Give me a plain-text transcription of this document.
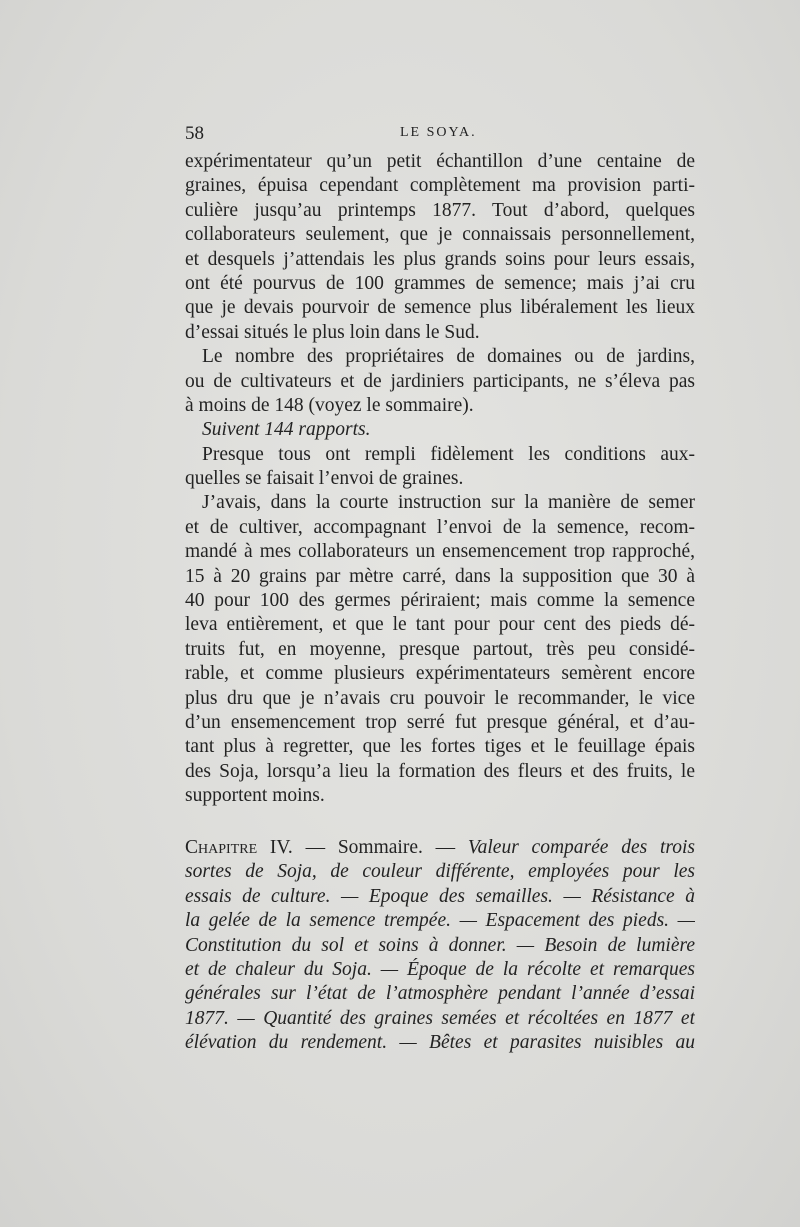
58	LE SOYA.
expérimentateur qu’un petit échantillon d’une centaine de
graines, épuisa cependant complètement ma provision parti-
culière jusqu’au printemps 1877. Tout d’abord, quelques
collaborateurs seulement, que je connaissais personnellement,
et desquels j’attendais les plus grands soins pour leurs essais,
ont été pourvus de 100 grammes de semence; mais j’ai cru
que je devais pourvoir de semence plus libéralement les lieux
d’essai situés le plus loin dans le Sud.
Le nombre des propriétaires de domaines ou de jardins,
ou de cultivateurs et de jardiniers participants, ne s’éleva pas
à moins de 148 (voyez le sommaire).
Suivent 144 rapports.
Presque tous ont rempli fidèlement les conditions aux-
quelles se faisait l’envoi de graines.
J’avais, dans la courte instruction sur la manière de semer
et de cultiver, accompagnant l’envoi de la semence, recom-
mandé à mes collaborateurs un ensemencement trop rapproché,
15 à 20 grains par mètre carré, dans la supposition que 30 à
40 pour 100 des germes périraient; mais comme la semence
leva entièrement, et que le tant pour pour cent des pieds dé-
truits fut, en moyenne, presque partout, très peu considé-
rable, et comme plusieurs expérimentateurs semèrent encore
plus dru que je n’avais cru pouvoir le recommander, le vice
d’un ensemencement trop serré fut presque général, et d’au-
tant plus à regretter, que les fortes tiges et le feuillage épais
des Soja, lorsqu’a lieu la formation des fleurs et des fruits, le
supportent moins.
Chapitre IV. — Sommaire. — Valeur comparée des trois
sortes de Soja, de couleur différente, employées pour les
essais de culture. — Epoque des semailles. — Résistance à
la gelée de la semence trempée. — Espacement des pieds. —
Constitution du sol et soins à donner. — Besoin de lumière
et de chaleur du Soja. — Époque de la récolte et remarques
générales sur l’état de l’atmosphère pendant l’année d’essai
1877. — Quantité des graines semées et récoltées en 1877 et
élévation du rendement. — Bêtes et parasites nuisibles au
